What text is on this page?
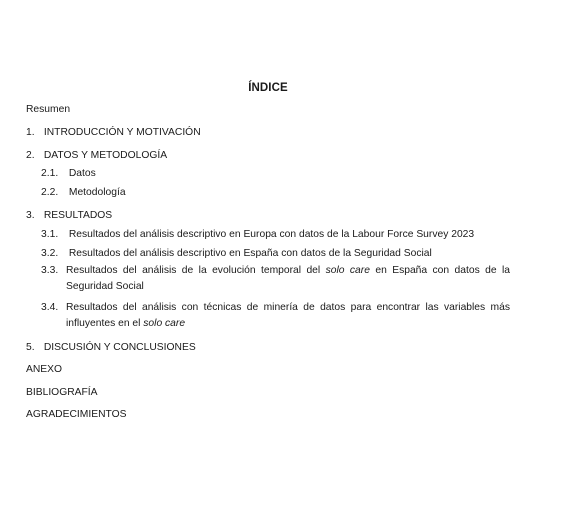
ÍNDICE
Resumen
1. INTRODUCCIÓN Y MOTIVACIÓN
2. DATOS Y METODOLOGÍA
2.1. Datos
2.2. Metodología
3. RESULTADOS
3.1. Resultados del análisis descriptivo en Europa con datos de la Labour Force Survey 2023
3.2. Resultados del análisis descriptivo en España con datos de la Seguridad Social
3.3. Resultados del análisis de la evolución temporal del solo care en España con datos de la Seguridad Social
3.4. Resultados del análisis con técnicas de minería de datos para encontrar las variables más influyentes en el solo care
5. DISCUSIÓN Y CONCLUSIONES
ANEXO
BIBLIOGRAFÍA
AGRADECIMIENTOS
